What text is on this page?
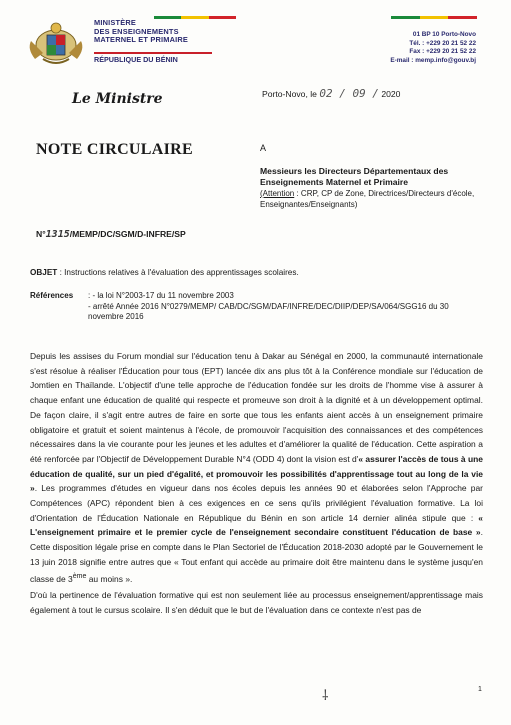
MINISTÈRE
DES ENSEIGNEMENTS
MATERNEL ET PRIMAIRE
RÉPUBLIQUE DU BÉNIN
01 BP 10 Porto-Novo
Tél. : +229 20 21 52 22
Fax : +229 20 21 52 22
E-mail : memp.info@gouv.bj
Le Ministre	Porto-Novo, le 02 / 09 / 2020
NOTE CIRCULAIRE	A
Messieurs les Directeurs Départementaux des
Enseignements Maternel et Primaire
(Attention : CRP, CP de Zone, Directrices/Directeurs d'école, Enseignantes/Enseignants)
N°1315/MEMP/DC/SGM/D-INFRE/SP
OBJET : Instructions relatives à l'évaluation des apprentissages scolaires.
Références	: - la loi N°2003-17 du 11 novembre 2003
- arrêté Année 2016 N°0279/MEMP/ CAB/DC/SGM/DAF/INFRE/DEC/DIIP/DEP/SA/064/SGG16 du 30 novembre 2016

Depuis les assises du Forum mondial sur l'éducation tenu à Dakar au Sénégal en 2000, la communauté internationale s'est résolue à réaliser l'Éducation pour tous (EPT) lancée dix ans plus tôt à la Conférence mondiale sur l'éducation de Jomtien en Thaïlande. L'objectif d'une telle approche de l'éducation fondée sur les droits de l'homme vise à assurer à chaque enfant une éducation de qualité qui respecte et promeuve son droit à la dignité et à un développement optimal. De façon claire, il s'agit entre autres de faire en sorte que tous les enfants aient accès à un enseignement primaire obligatoire et gratuit et soient maintenus à l'école, de promouvoir l'acquisition des connaissances et des compétences nécessaires dans la vie courante pour les jeunes et les adultes et d'améliorer la qualité de l'éducation. Cette aspiration a été renforcée par l'Objectif de Développement Durable N°4 (ODD 4) dont la vision est d'« assurer l'accès de tous à une éducation de qualité, sur un pied d'égalité, et promouvoir les possibilités d'apprentissage tout au long de la vie ». Les programmes d'études en vigueur dans nos écoles depuis les années 90 et élaborées selon l'Approche par Compétences (APC) répondent bien à ces exigences en ce sens qu'ils privilégient l'évaluation formative. La loi d'Orientation de l'Éducation Nationale en République du Bénin en son article 14 dernier alinéa stipule que : « L'enseignement primaire et le premier cycle de l'enseignement secondaire constituent l'éducation de base ». Cette disposition légale prise en compte dans le Plan Sectoriel de l'Éducation 2018-2030 adopté par le Gouvernement le 13 juin 2018 signifie entre autres que « Tout enfant qui accède au primaire doit être maintenu dans le système jusqu'en classe de 3ème au moins ».

D'où la pertinence de l'évaluation formative qui est non seulement liée au processus enseignement/apprentissage mais également à tout le cursus scolaire. Il s'en déduit que le but de l'évaluation dans ce contexte n'est pas de

⸸	1
